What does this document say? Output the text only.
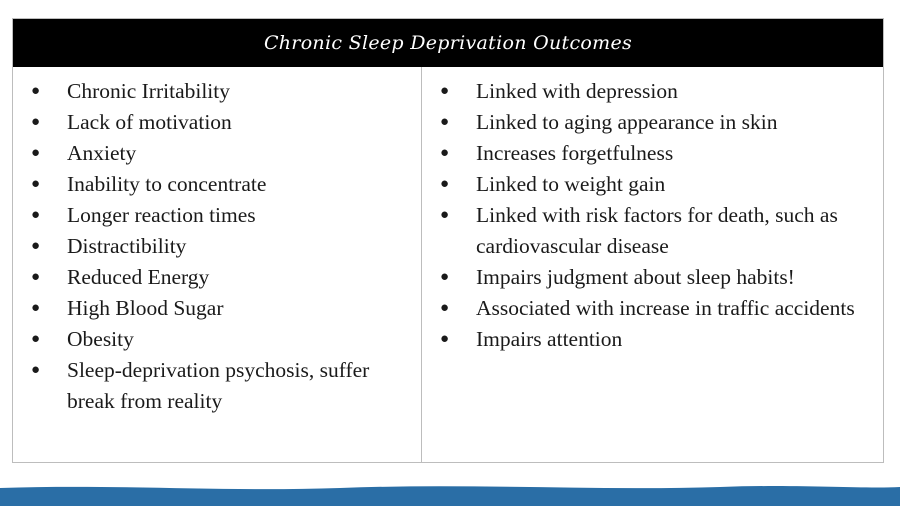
Chronic Sleep Deprivation Outcomes
● Chronic Irritability
● Lack of motivation
● Anxiety
● Inability to concentrate
● Longer reaction times
● Distractibility
● Reduced Energy
● High Blood Sugar
● Obesity
● Sleep-deprivation psychosis, suffer break from reality
● Linked with depression
● Linked to aging appearance in skin
● Increases forgetfulness
● Linked to weight gain
● Linked with risk factors for death, such as cardiovascular disease
● Impairs judgment about sleep habits!
● Associated with increase in traffic accidents
● Impairs attention
